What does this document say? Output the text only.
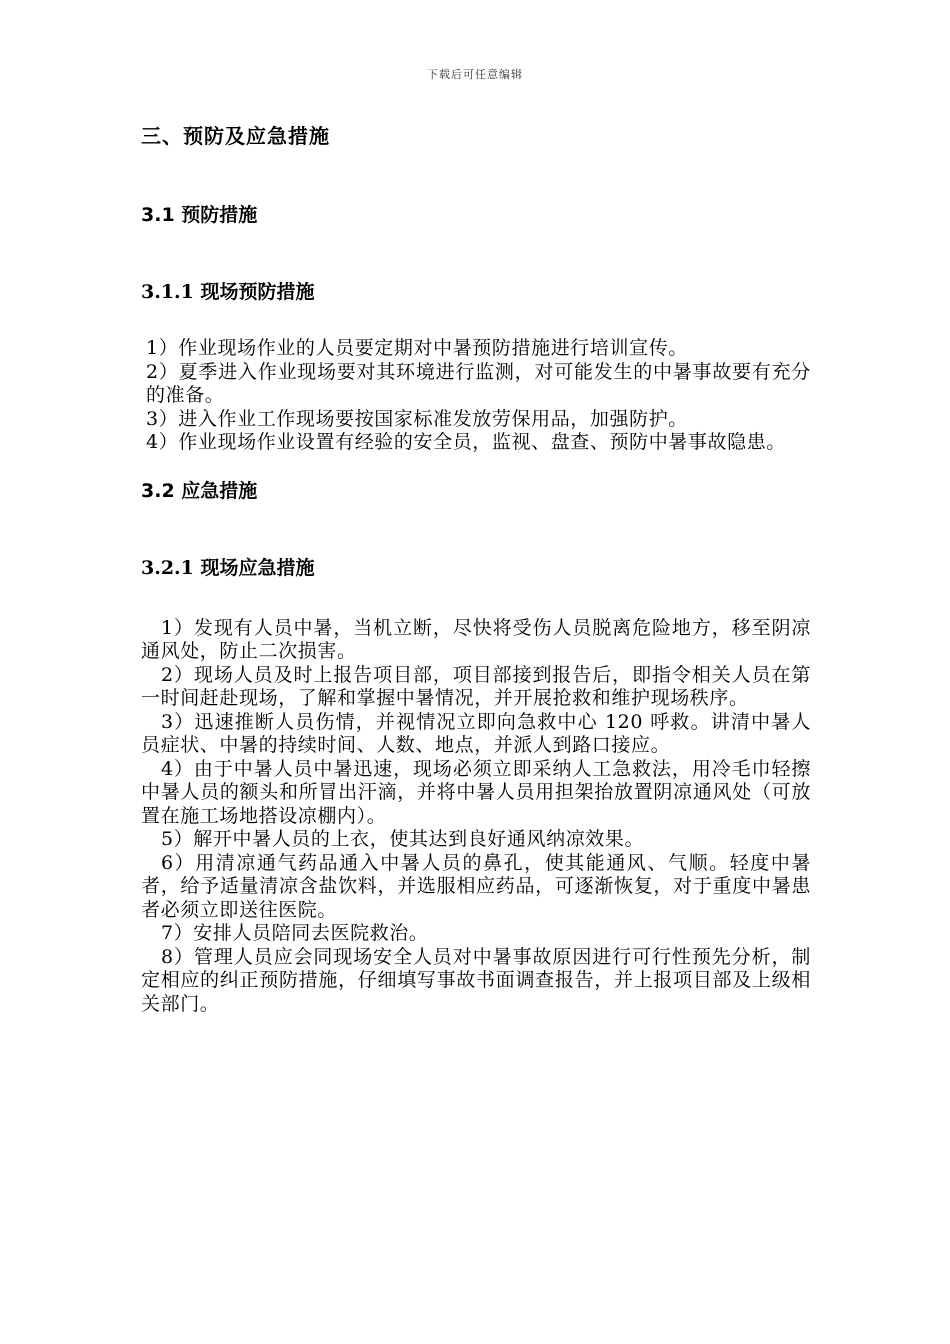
下载后可任意编辑
三、预防及应急措施
3.1 预防措施
3.1.1 现场预防措施

1）作业现场作业的人员要定期对中暑预防措施进行培训宣传。

2）夏季进入作业现场要对其环境进行监测，对可能发生的中暑事故要有充分的准备。

3）进入作业工作现场要按国家标准发放劳保用品，加强防护。

4）作业现场作业设置有经验的安全员，监视、盘查、预防中暑事故隐患。

3.2 应急措施
3.2.1 现场应急措施

1）发现有人员中暑，当机立断，尽快将受伤人员脱离危险地方，移至阴凉通风处，防止二次损害。

2）现场人员及时上报告项目部，项目部接到报告后，即指令相关人员在第一时间赶赴现场，了解和掌握中暑情况，并开展抢救和维护现场秩序。

3）迅速推断人员伤情，并视情况立即向急救中心 120 呼救。讲清中暑人员症状、中暑的持续时间、人数、地点，并派人到路口接应。

4）由于中暑人员中暑迅速，现场必须立即采纳人工急救法，用冷毛巾轻擦中暑人员的额头和所冒出汗滴，并将中暑人员用担架抬放置阴凉通风处（可放置在施工场地搭设凉棚内）。

5）解开中暑人员的上衣，使其达到良好通风纳凉效果。

6）用清凉通气药品通入中暑人员的鼻孔，使其能通风、气顺。轻度中暑者，给予适量清凉含盐饮料，并选服相应药品，可逐渐恢复，对于重度中暑患者必须立即送往医院。

7）安排人员陪同去医院救治。

8）管理人员应会同现场安全人员对中暑事故原因进行可行性预先分析，制定相应的纠正预防措施，仔细填写事故书面调查报告，并上报项目部及上级相关部门。
